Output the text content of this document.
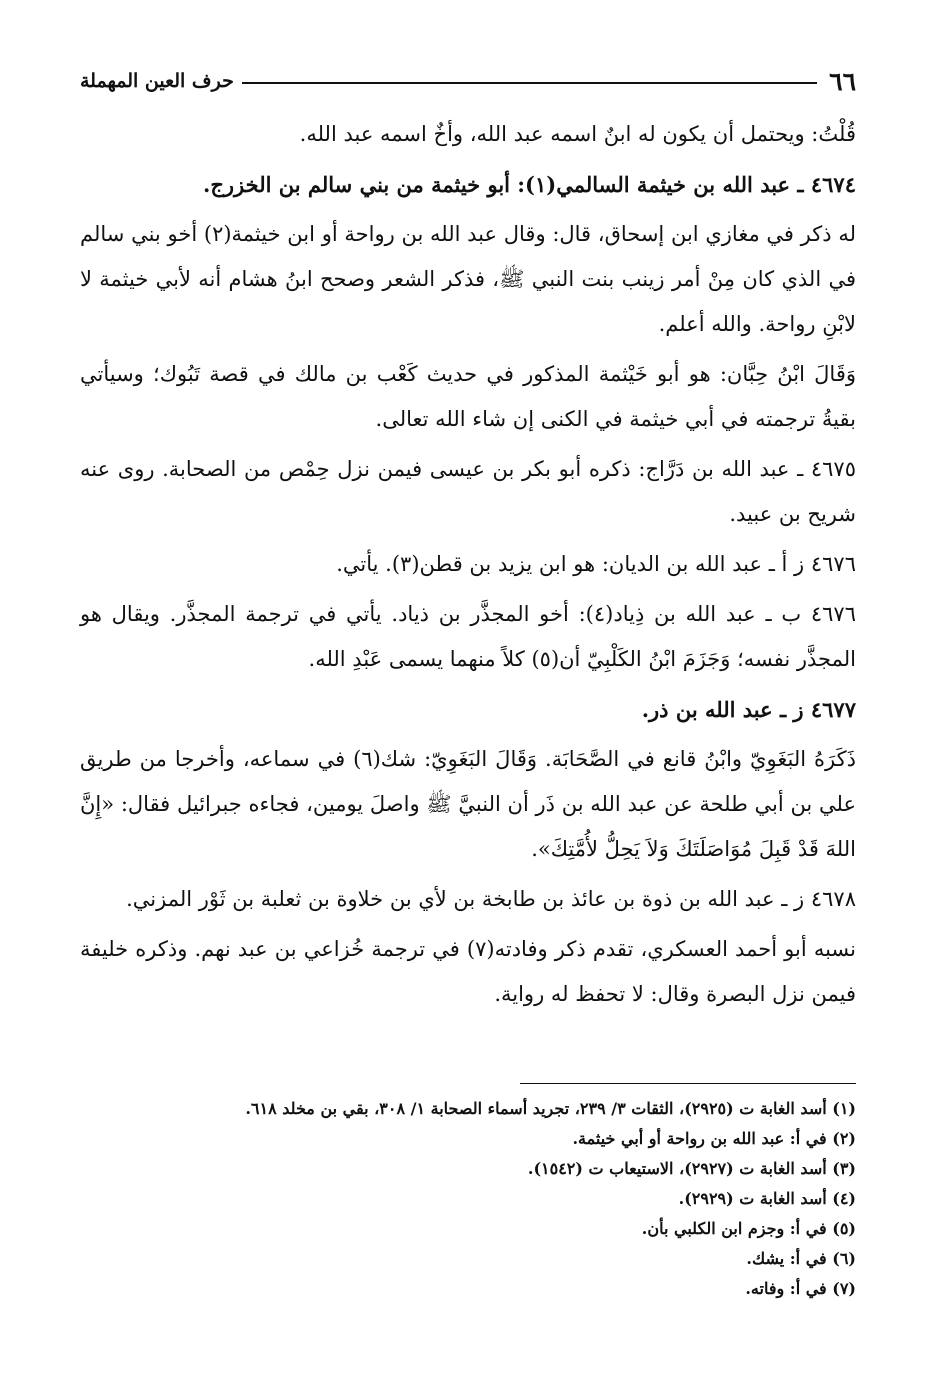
٦٦
حرف العين المهملة

قُلْتُ: ويحتمل أن يكون له ابنٌ اسمه عبد الله، وأخٌ اسمه عبد الله.

٤٦٧٤ ـ عبد الله بن خيثمة السالمي(١): أبو خيثمة من بني سالم بن الخزرج.

له ذكر في مغازي ابن إسحاق، قال: وقال عبد الله بن رواحة أو ابن خيثمة(٢) أخو بني سالم في الذي كان مِنْ أمر زينب بنت النبي ﷺ، فذكر الشعر وصحح ابنُ هشام أنه لأبي خيثمة لا لابْنِ رواحة. والله أعلم.

وَقَالَ ابْنُ حِبَّان: هو أبو خَيْثمة المذكور في حديث كَعْب بن مالك في قصة تَبُوك؛ وسيأتي بقيةُ ترجمته في أبي خيثمة في الكنى إن شاء الله تعالى.

٤٦٧٥ ـ عبد الله بن دَرَّاج: ذكره أبو بكر بن عيسى فيمن نزل حِمْص من الصحابة. روى عنه شريح بن عبيد.

٤٦٧٦ ز أ ـ عبد الله بن الديان: هو ابن يزيد بن قطن(٣). يأتي.

٤٦٧٦ ب ـ عبد الله بن ذِياد(٤): أخو المجذَّر بن ذياد. يأتي في ترجمة المجذَّر. ويقال هو المجذَّر نفسه؛ وَجَزَمَ ابْنُ الكَلْبِيّ أن(٥) كلاً منهما يسمى عَبْدِ الله.

٤٦٧٧ ز ـ عبد الله بن ذر.

ذَكَرَهُ البَغَوِيّ وابْنُ قانع في الصَّحَابَة. وَقَالَ البَغَوِيّ: شك(٦) في سماعه، وأخرجا من طريق علي بن أبي طلحة عن عبد الله بن ذَر أن النبيَّ ﷺ واصلَ يومين، فجاءه جبرائيل فقال: «إِنَّ اللهَ قَدْ قَبِلَ مُوَاصَلَتَكَ وَلاَ يَحِلُّ لأُمَّتِكَ».

٤٦٧٨ ز ـ عبد الله بن ذوة بن عائذ بن طابخة بن لأي بن خلاوة بن ثعلبة بن ثَوْر المزني.

نسبه أبو أحمد العسكري، تقدم ذكر وفادته(٧) في ترجمة خُزاعي بن عبد نهم. وذكره خليفة فيمن نزل البصرة وقال: لا تحفظ له رواية.

(١) أسد الغابة ت (٢٩٢٥)، الثقات ٣/ ٢٣٩، تجريد أسماء الصحابة ١/ ٣٠٨، بقي بن مخلد ٦١٨.
(٢) في أ: عبد الله بن رواحة أو أبي خيثمة.
(٣) أسد الغابة ت (٢٩٢٧)، الاستيعاب ت (١٥٤٢).
(٤) أسد الغابة ت (٢٩٢٩).
(٥) في أ: وجزم ابن الكلبي بأن.
(٦) في أ: يشك.
(٧) في أ: وفاته.
